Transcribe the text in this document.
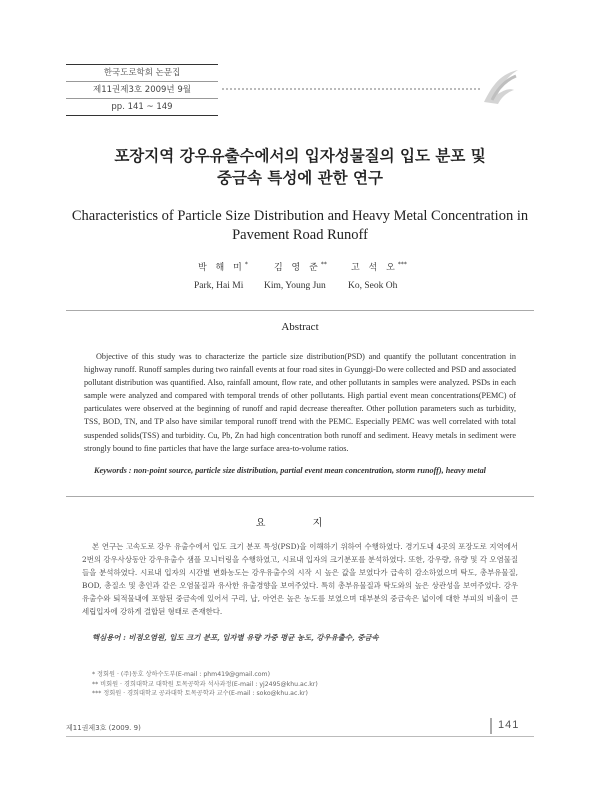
한국도로학회 논문집
제11권제3호 2009년 9월
pp. 141 ~ 149
포장지역 강우유출수에서의 입자성물질의 입도 분포 및
중금속 특성에 관한 연구
Characteristics of Particle Size Distribution and Heavy Metal Concentration in
Pavement Road Runoff
박 해 미*	김 영 준**	고 석 오***
Park, Hai Mi Kim, Young Jun Ko, Seok Oh
Abstract
Objective of this study was to characterize the particle size distribution(PSD) and quantify the pollutant concentration in highway runoff. Runoff samples during two rainfall events at four road sites in Gyunggi-Do were collected and PSD and associated pollutant distribution was quantified. Also, rainfall amount, flow rate, and other pollutants in samples were analyzed. PSDs in each sample were analyzed and compared with temporal trends of other pollutants. High partial event mean concentrations(PEMC) of particulates were observed at the beginning of runoff and rapid decrease thereafter. Other pollution parameters such as turbidity, TSS, BOD, TN, and TP also have similar temporal runoff trend with the PEMC. Especially PEMC was well correlated with total suspended solids(TSS) and turbidity. Cu, Pb, Zn had high concentration both runoff and sediment. Heavy metals in sediment were strongly bound to fine particles that have the large surface area-to-volume ratios.
Keywords : non-point source, particle size distribution, partial event mean concentration, storm runoff), heavy metal
요 지
본 연구는 고속도로 강우 유출수에서 입도 크기 분포 특성(PSD)을 이해하기 위하여 수행하였다. 경기도내 4곳의 포장도로 지역에서 2번의 강우사상동안 강우유출수 샘플 모니터링을 수행하였고, 시료내 입자의 크기분포를 분석하였다. 또한, 강우량, 유량 및 각 오염물질들을 분석하였다. 시료내 입자의 시간별 변화농도는 강우유출수의 시작 시 높은 값을 보였다가 급속히 감소하였으며 탁도, 총부유물질, BOD, 총질소 및 총인과 같은 오염물질과 유사한 유출경향을 보여주었다. 특히 총부유물질과 탁도와의 높은 상관성을 보여주었다. 강우유출수와 퇴적물내에 포함된 중금속에 있어서 구리, 납, 아연은 높은 농도를 보였으며 대부분의 중금속은 넓이에 대한 부피의 비율이 큰 세립입자에 강하게 결합된 형태로 존재한다.
핵심용어 : 비점오염원, 입도 크기 분포, 입자별 유량 가중 평균 농도, 강우유출수, 중금속
* 정회원 · (주)동호 상하수도부(E-mail : phm419@gmail.com)
** 비회원 · 경희대학교 대학원 토목공학과 석사과정(E-mail : yj2495@khu.ac.kr)
*** 정회원 · 경희대학교 공과대학 토목공학과 교수(E-mail : soko@khu.ac.kr)
제11권제3호 (2009. 9)	141
